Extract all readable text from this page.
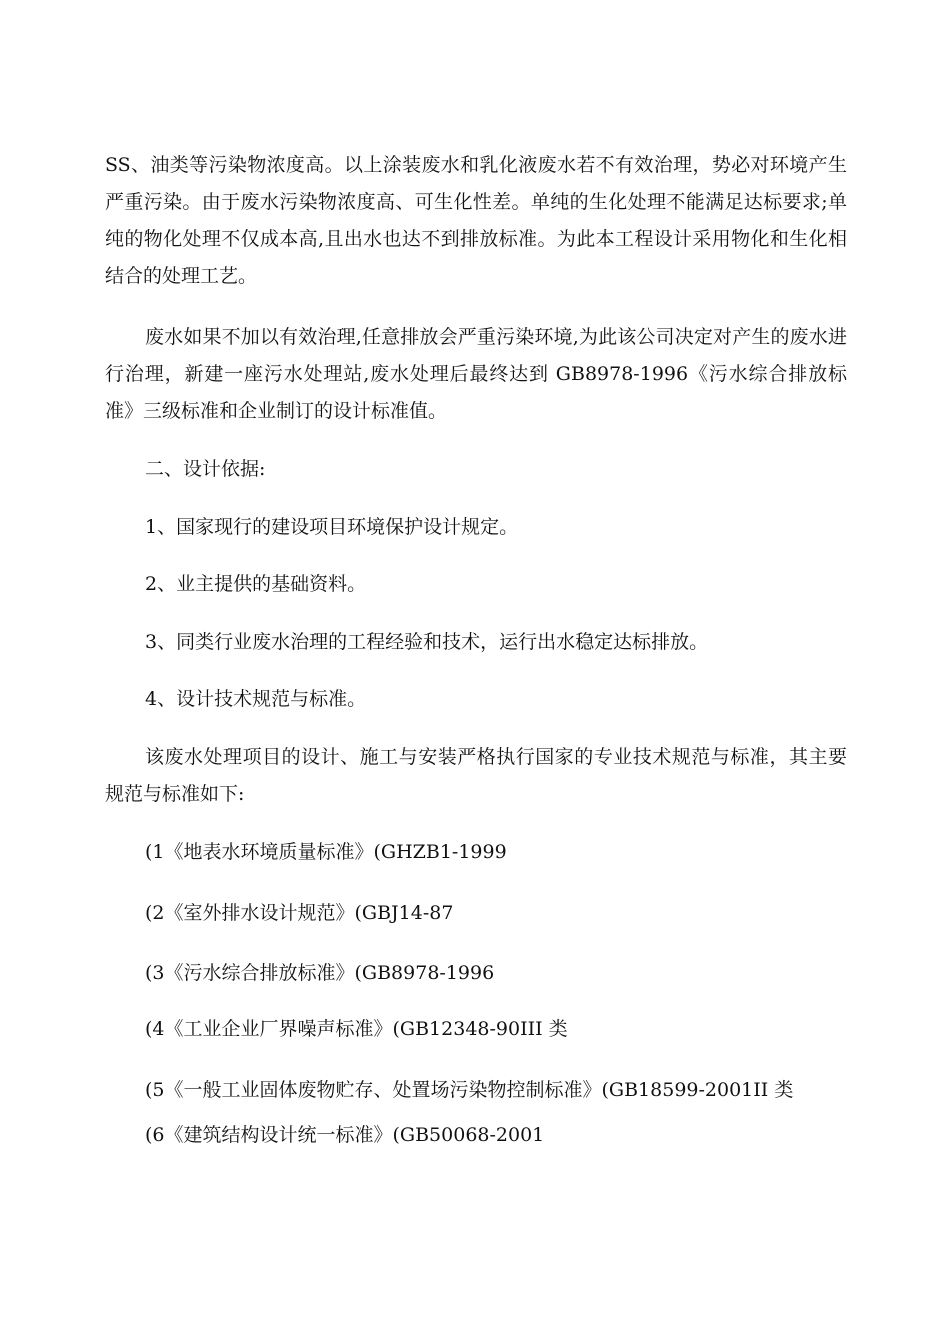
SS、油类等污染物浓度高。以上涂装废水和乳化液废水若不有效治理，势必对环境产生严重污染。由于废水污染物浓度高、可生化性差。单纯的生化处理不能满足达标要求;单纯的物化处理不仅成本高,且出水也达不到排放标准。为此本工程设计采用物化和生化相结合的处理工艺。

废水如果不加以有效治理,任意排放会严重污染环境,为此该公司决定对产生的废水进行治理，新建一座污水处理站,废水处理后最终达到 GB8978-1996《污水综合排放标准》三级标准和企业制订的设计标准值。

二、设计依据:

1、国家现行的建设项目环境保护设计规定。

2、业主提供的基础资料。

3、同类行业废水治理的工程经验和技术，运行出水稳定达标排放。

4、设计技术规范与标准。

该废水处理项目的设计、施工与安装严格执行国家的专业技术规范与标准，其主要规范与标准如下:

(1《地表水环境质量标准》(GHZB1-1999

(2《室外排水设计规范》(GBJ14-87

(3《污水综合排放标准》(GB8978-1996

(4《工业企业厂界噪声标准》(GB12348-90III 类

(5《一般工业固体废物贮存、处置场污染物控制标准》(GB18599-2001II 类

(6《建筑结构设计统一标准》(GB50068-2001
